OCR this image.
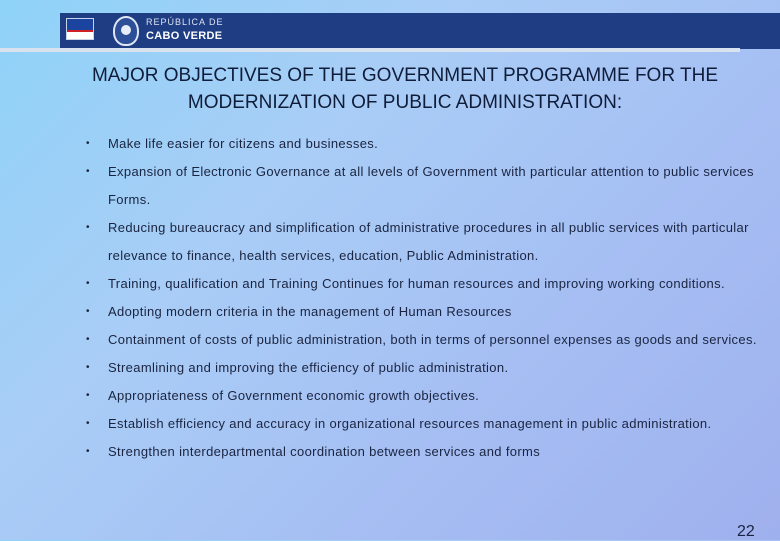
REPÚBLICA DE
CABO VERDE
MAJOR OBJECTIVES OF THE GOVERNMENT PROGRAMME FOR THE MODERNIZATION OF PUBLIC ADMINISTRATION:
• Make life easier for citizens and businesses.
• Expansion of Electronic Governance at all levels of Government with particular attention to public services Forms.
• Reducing bureaucracy and simplification of administrative procedures in all public services with particular relevance to finance, health services, education, Public Administration.
• Training, qualification and Training Continues for human resources and improving working conditions.
• Adopting modern criteria in the management of Human Resources
• Containment of costs of public administration, both in terms of personnel expenses as goods and services.
• Streamlining and improving the efficiency of public administration.
• Appropriateness of Government economic growth objectives.
• Establish efficiency and accuracy in organizational resources management in public administration.
• Strengthen interdepartmental coordination between services and forms
22
